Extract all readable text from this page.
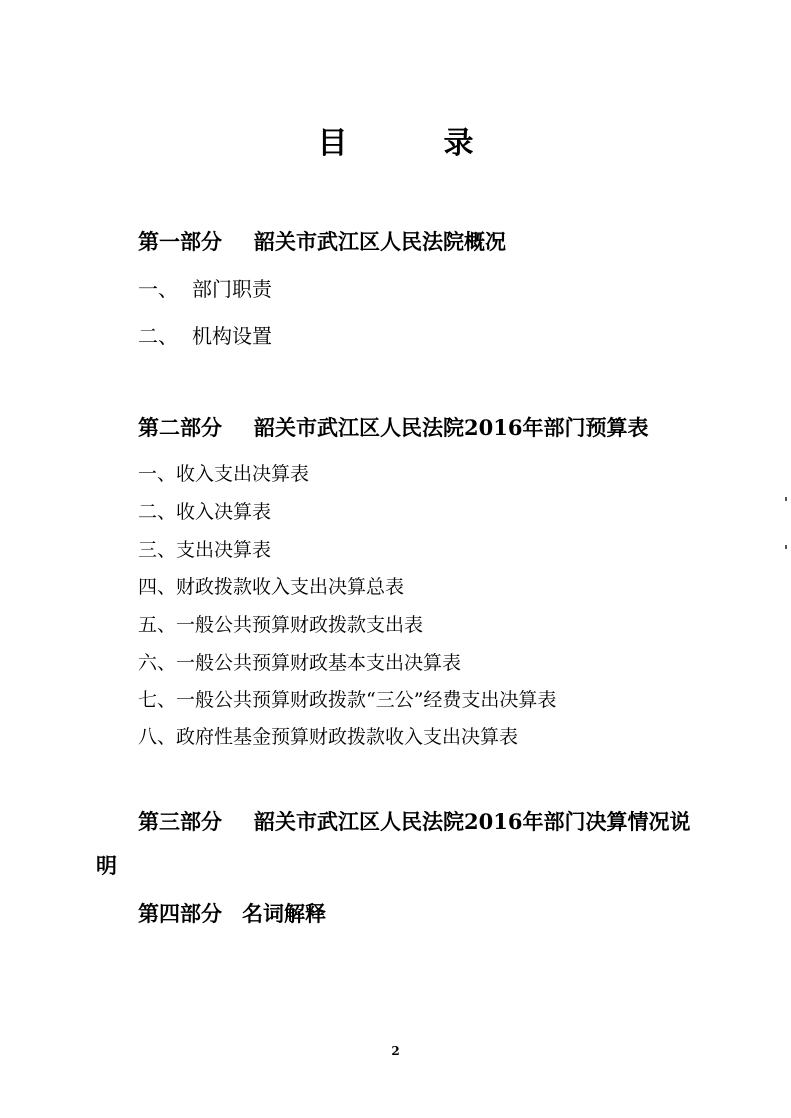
目	录
第一部分 韶关市武江区人民法院概况
一、 部门职责
二、 机构设置
第二部分 韶关市武江区人民法院2016年部门预算表
一、收入支出决算表
二、收入决算表
三、支出决算表
四、财政拨款收入支出决算总表
五、一般公共预算财政拨款支出表
六、一般公共预算财政基本支出决算表
七、一般公共预算财政拨款“三公”经费支出决算表
八、政府性基金预算财政拨款收入支出决算表
第三部分 韶关市武江区人民法院2016年部门决算情况说
明
第四部分 名词解释
2
